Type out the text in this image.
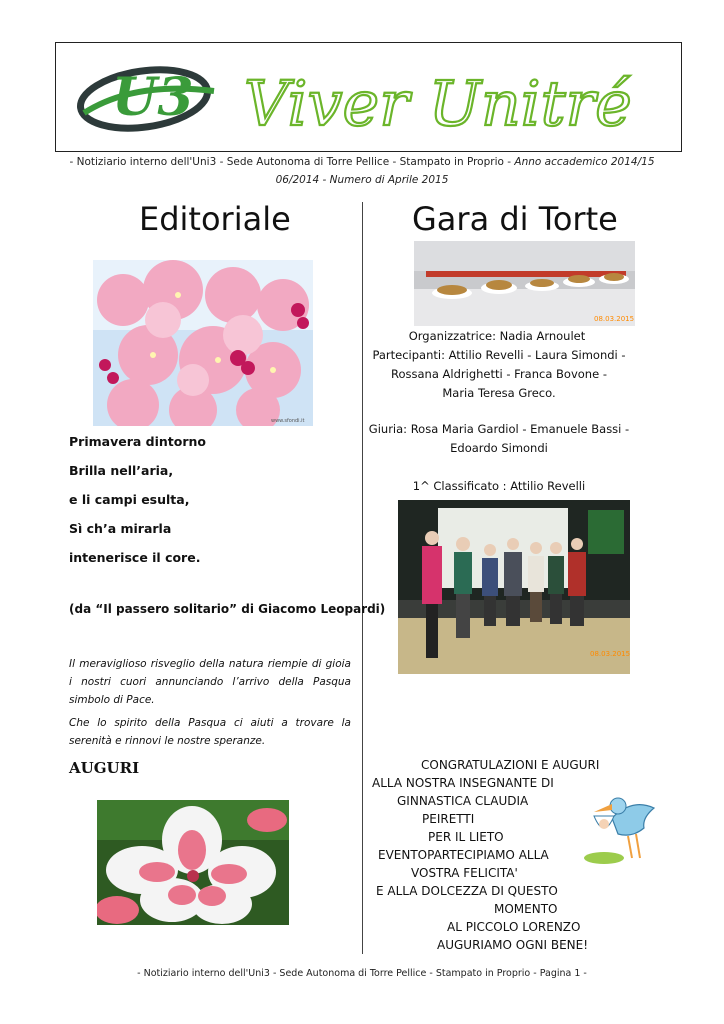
U3 Viver Unitré
- Notiziario interno dell'Uni3 - Sede Autonoma di Torre Pellice - Stampato in Proprio - Anno accademico 2014/15
06/2014 - Numero di Aprile 2015
Editoriale
www.sfondi.it
Primavera dintorno
Brilla nell’aria,
e li campi esulta,
Sì ch’a mirarla
intenerisce il core.
(da “Il passero solitario” di Giacomo Leopardi)
Il meraviglioso risveglio della natura riempie di gioia i nostri cuori annunciando l’arrivo della Pasqua simbolo di Pace.
Che lo spirito della Pasqua ci aiuti a trovare la serenità e rinnovi le nostre speranze.
AUGURI
Gara di Torte
08.03.2015
Organizzatrice: Nadia Arnoulet
Partecipanti: Attilio Revelli - Laura Simondi -
Rossana Aldrighetti - Franca Bovone -
Maria Teresa Greco.
Giuria: Rosa Maria Gardiol - Emanuele Bassi -
Edoardo Simondi
1^ Classificato : Attilio Revelli
08.03.2015
CONGRATULAZIONI E AUGURI
ALLA NOSTRA INSEGNANTE DI
GINNASTICA CLAUDIA
PEIRETTI
PER IL LIETO
EVENTOPARTECIPIAMO ALLA
VOSTRA FELICITA'
E ALLA DOLCEZZA DI QUESTO
MOMENTO
AL PICCOLO LORENZO
AUGURIAMO OGNI BENE!
- Notiziario interno dell'Uni3 - Sede Autonoma di Torre Pellice - Stampato in Proprio - Pagina 1 -
